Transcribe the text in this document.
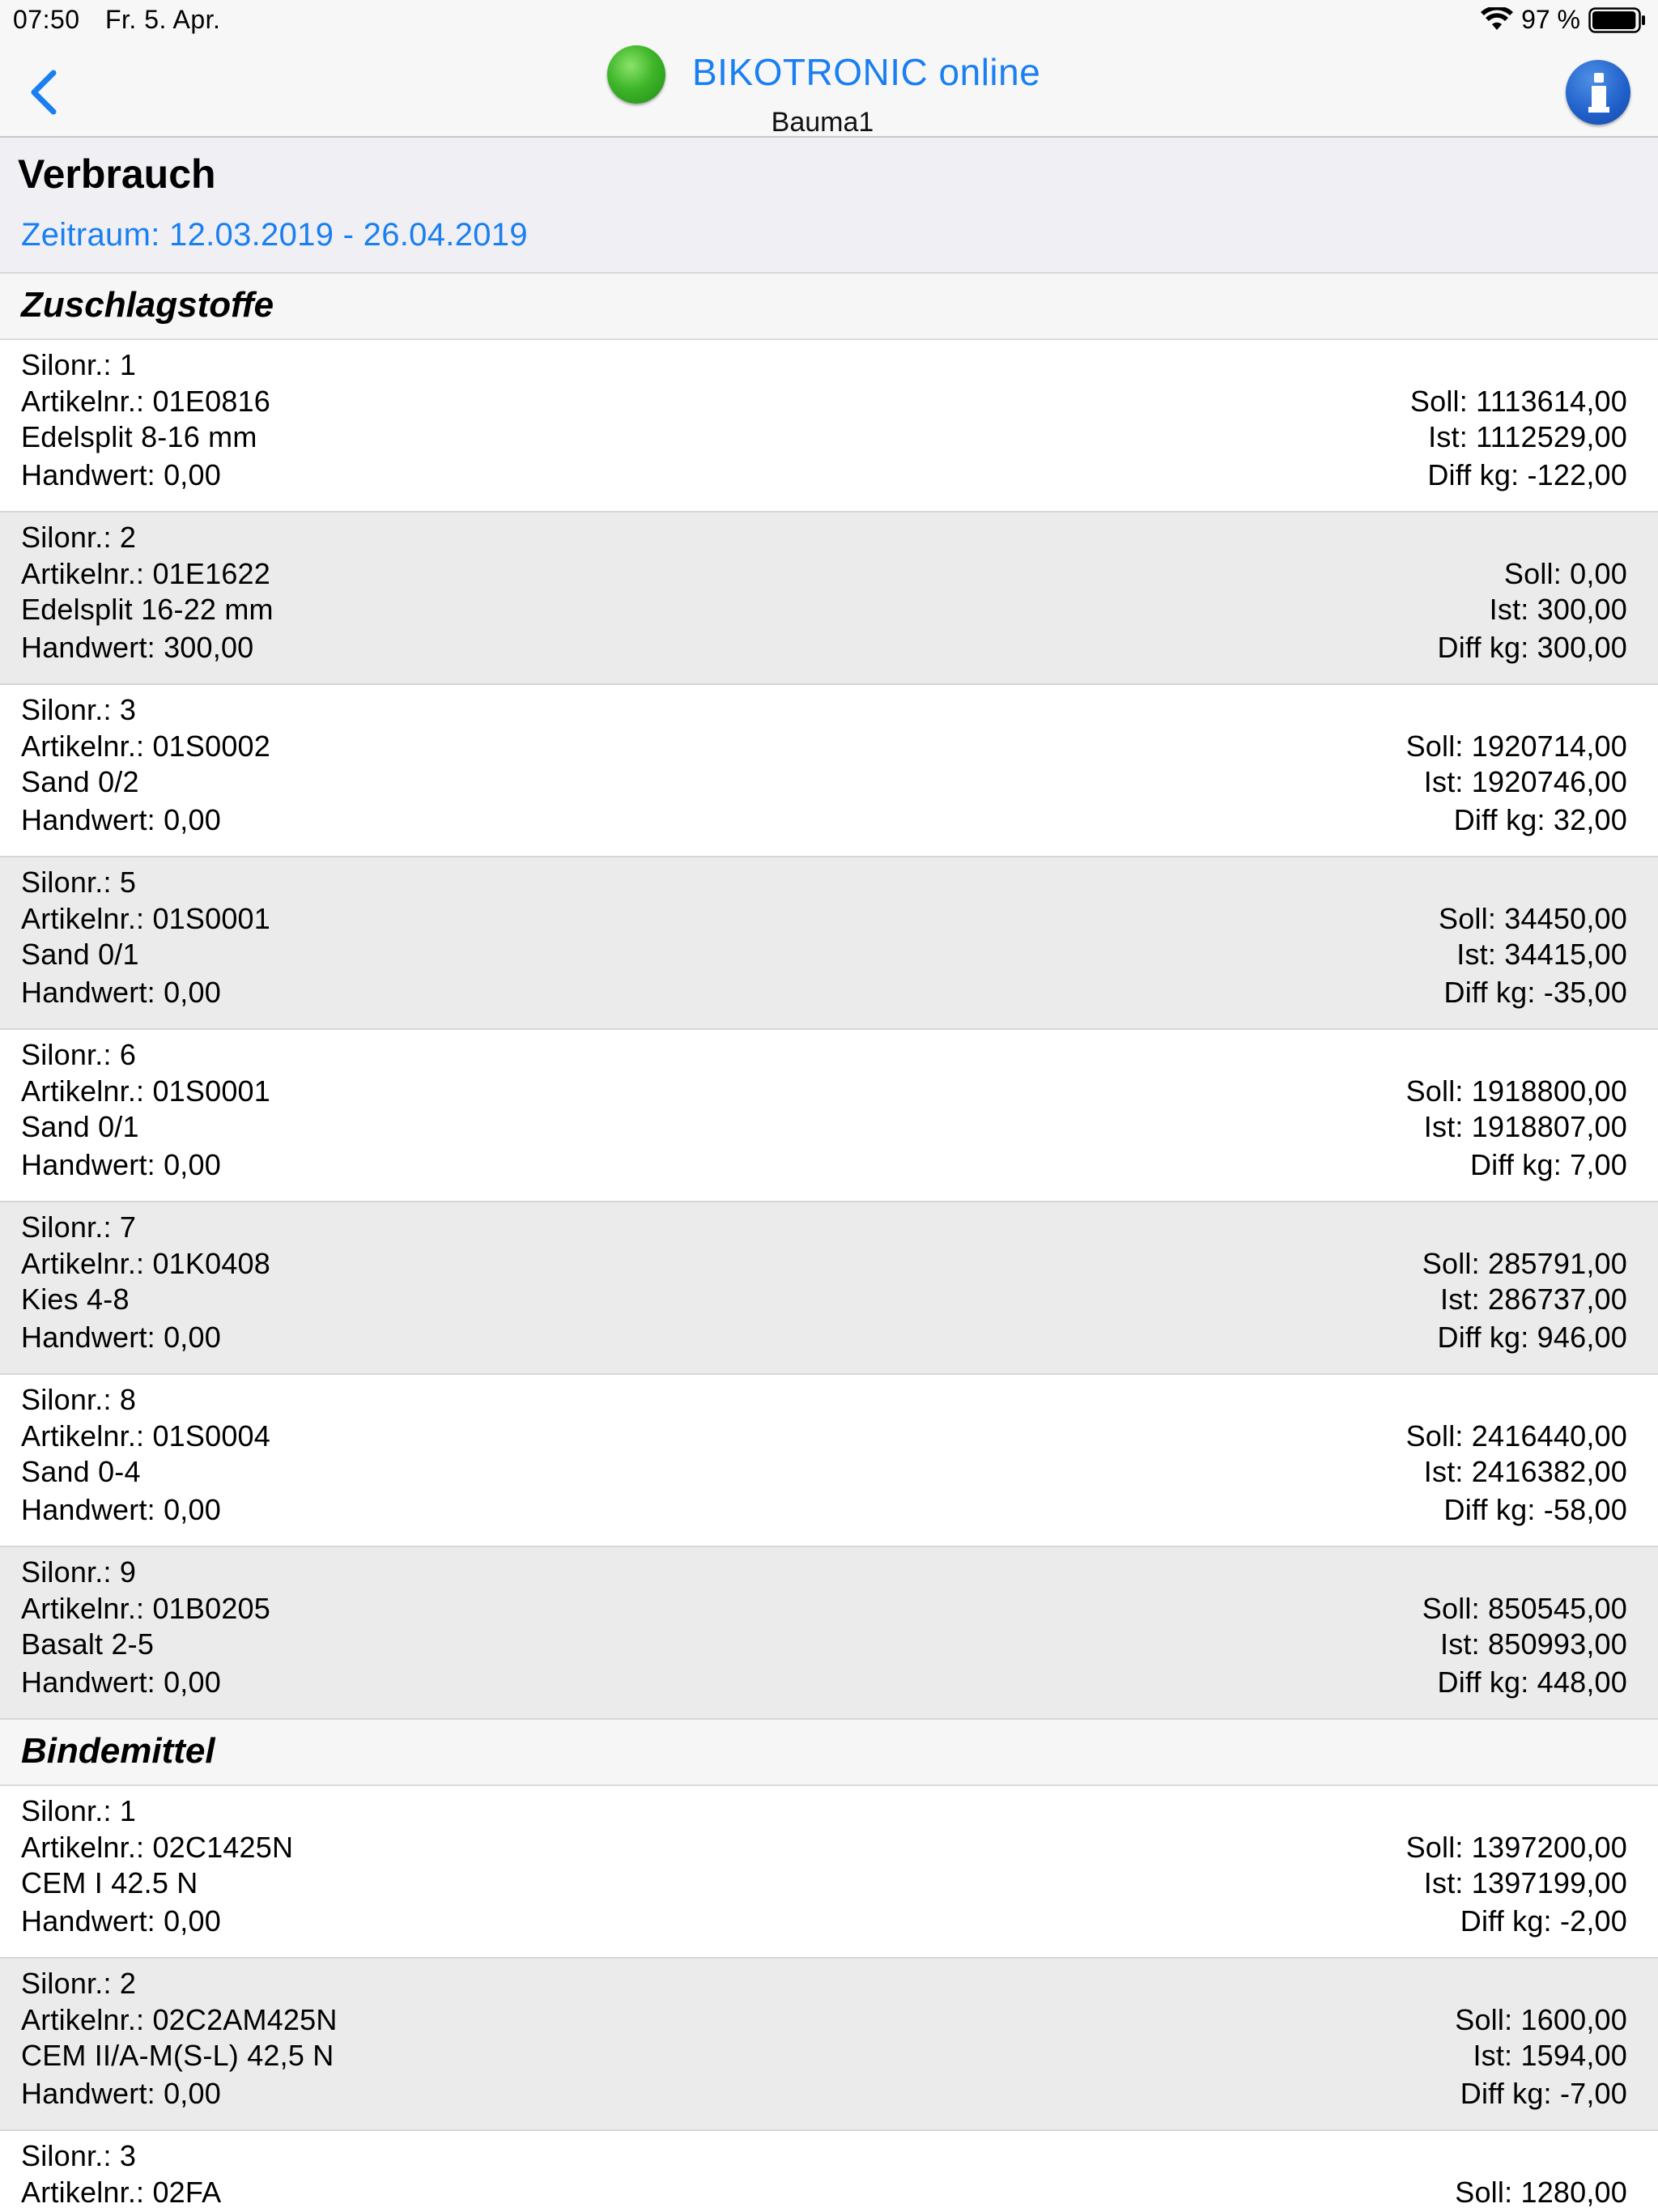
07:50 Fr. 5. Apr.	97 %
BIKOTRONIC online
Bauma1
Verbrauch
Zeitraum: 12.03.2019 - 26.04.2019
Zuschlagstoffe
Silonr.: 1
Artikelnr.: 01E0816
Edelsplit 8-16 mm
Handwert: 0,00
Soll: 1113614,00
Ist: 1112529,00
Diff kg: -122,00
Silonr.: 2
Artikelnr.: 01E1622
Edelsplit 16-22 mm
Handwert: 300,00
Soll: 0,00
Ist: 300,00
Diff kg: 300,00
Silonr.: 3
Artikelnr.: 01S0002
Sand 0/2
Handwert: 0,00
Soll: 1920714,00
Ist: 1920746,00
Diff kg: 32,00
Silonr.: 5
Artikelnr.: 01S0001
Sand 0/1
Handwert: 0,00
Soll: 34450,00
Ist: 34415,00
Diff kg: -35,00
Silonr.: 6
Artikelnr.: 01S0001
Sand 0/1
Handwert: 0,00
Soll: 1918800,00
Ist: 1918807,00
Diff kg: 7,00
Silonr.: 7
Artikelnr.: 01K0408
Kies 4-8
Handwert: 0,00
Soll: 285791,00
Ist: 286737,00
Diff kg: 946,00
Silonr.: 8
Artikelnr.: 01S0004
Sand 0-4
Handwert: 0,00
Soll: 2416440,00
Ist: 2416382,00
Diff kg: -58,00
Silonr.: 9
Artikelnr.: 01B0205
Basalt 2-5
Handwert: 0,00
Soll: 850545,00
Ist: 850993,00
Diff kg: 448,00
Bindemittel
Silonr.: 1
Artikelnr.: 02C1425N
CEM I 42.5 N
Handwert: 0,00
Soll: 1397200,00
Ist: 1397199,00
Diff kg: -2,00
Silonr.: 2
Artikelnr.: 02C2AM425N
CEM II/A-M(S-L) 42,5 N
Handwert: 0,00
Soll: 1600,00
Ist: 1594,00
Diff kg: -7,00
Silonr.: 3
Artikelnr.: 02FA	Soll: 1280,00
